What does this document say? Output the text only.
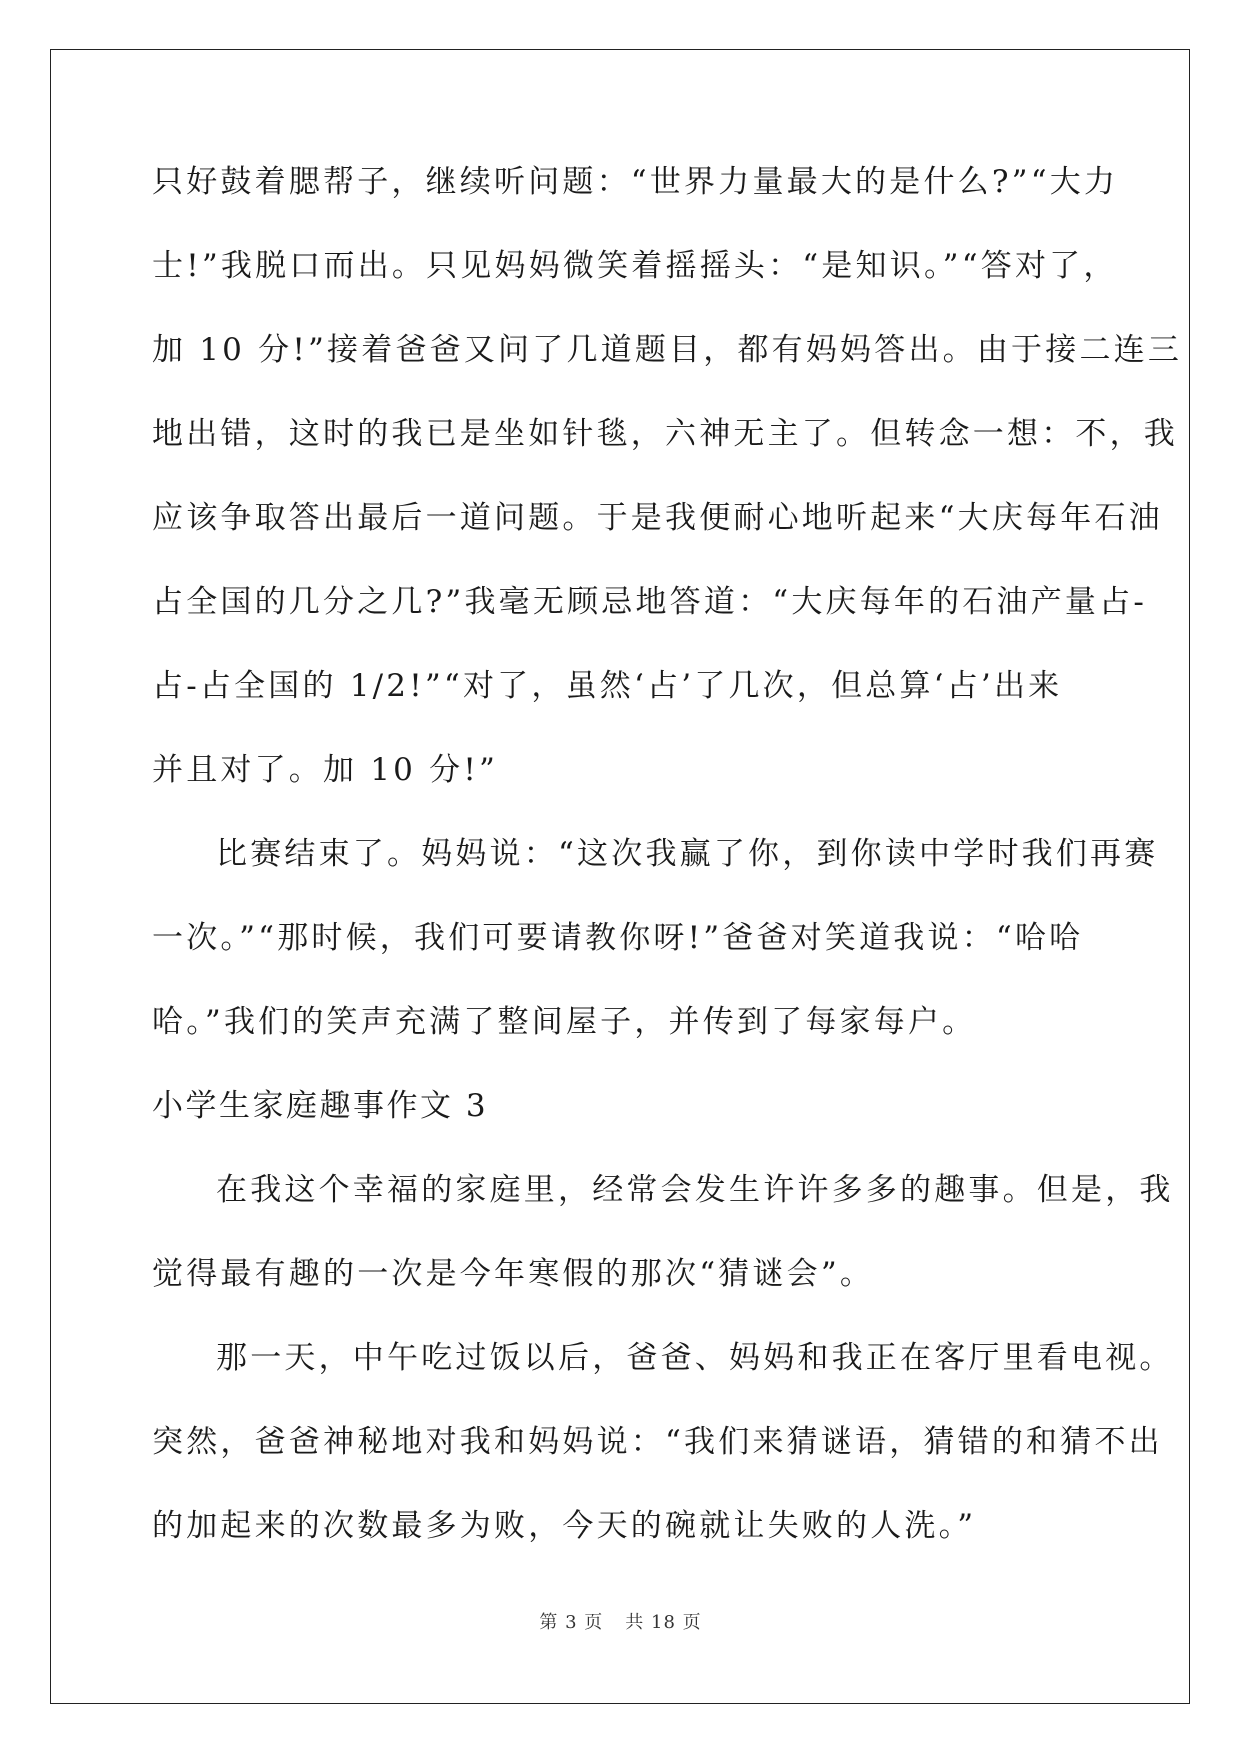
只好鼓着腮帮子，继续听问题：“世界力量最大的是什么?”“大力
士!”我脱口而出。只见妈妈微笑着摇摇头：“是知识。”“答对了，
加 10 分!”接着爸爸又问了几道题目，都有妈妈答出。由于接二连三
地出错，这时的我已是坐如针毯，六神无主了。但转念一想：不，我
应该争取答出最后一道问题。于是我便耐心地听起来“大庆每年石油
占全国的几分之几?”我毫无顾忌地答道：“大庆每年的石油产量占-
占-占全国的 1/2!”“对了，虽然‘占’了几次，但总算‘占’出来
并且对了。加 10 分!”
比赛结束了。妈妈说：“这次我赢了你，到你读中学时我们再赛
一次。”“那时候，我们可要请教你呀!”爸爸对笑道我说：“哈哈
哈。”我们的笑声充满了整间屋子，并传到了每家每户。
小学生家庭趣事作文 3
在我这个幸福的家庭里，经常会发生许许多多的趣事。但是，我
觉得最有趣的一次是今年寒假的那次“猜谜会”。
那一天，中午吃过饭以后，爸爸、妈妈和我正在客厅里看电视。
突然，爸爸神秘地对我和妈妈说：“我们来猜谜语，猜错的和猜不出
的加起来的次数最多为败，今天的碗就让失败的人洗。”
第 3 页 共 18 页
